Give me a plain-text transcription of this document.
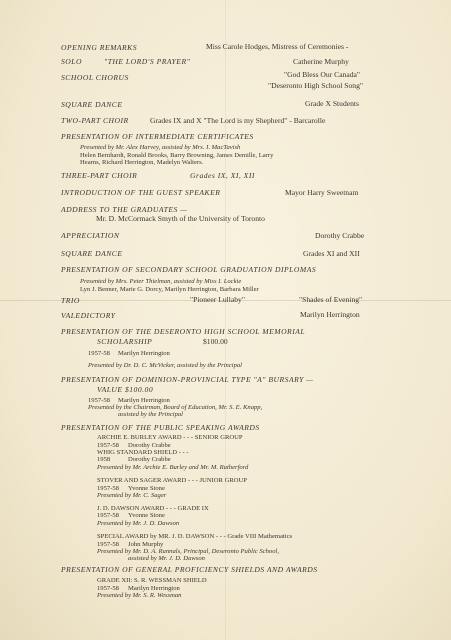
OPENING REMARKS	Miss Carole Hodges, Mistress of Ceremonies -
SOLO	"THE LORD'S PRAYER"	Catherine Murphy
SCHOOL CHORUS	"God Bless Our Canada"
"Deseronto High School Song"
SQUARE DANCE	Grade X Students
TWO-PART CHOIR	Grades IX and X "The Lord is my Shepherd" - Barcarolle
PRESENTATION OF INTERMEDIATE CERTIFICATES
Presented by Mr. Alex Harvey, assisted by Mrs. I. MacTavish
Helen Bernhardt, Ronald Brooks, Barry Browning, James Demille, Larry
Hearns, Richard Herrington, Madelyn Walters.
THREE-PART CHOIR	Grades IX, XI, XII
INTRODUCTION OF THE GUEST SPEAKER	Mayor Harry Sweetnam
ADDRESS TO THE GRADUATES —
Mr. D. McCormack Smyth of the University of Toronto
APPRECIATION	Dorothy Crabbe
SQUARE DANCE	Grades XI and XII
PRESENTATION OF SECONDARY SCHOOL GRADUATION DIPLOMAS
Presented by Mrs. Peter Thielman, assisted by Miss I. Lockie
Lyn J. Benner, Marie G. Dorcy, Marilyn Herrington, Barbara Miller
TRIO	"Pioneer Lullaby"	"Shades of Evening"
VALEDICTORY	Marilyn Herrington
PRESENTATION OF THE DESERONTO HIGH SCHOOL MEMORIAL
SCHOLARSHIP	$100.00
1957-58 Marilyn Herrington
Presented by Dr. D. C. McVicker, assisted by the Principal
PRESENTATION OF DOMINION-PROVINCIAL TYPE "A" BURSARY —
VALUE $100.00
1957-58 Marilyn Herrington
Presented by the Chairman, Board of Education, Mr. S. E. Knapp,
assisted by the Principal
PRESENTATION OF THE PUBLIC SPEAKING AWARDS
ARCHIE E. BURLEY AWARD - - - SENIOR GROUP
1957-58 Dorothy Crabbe
WHIG STANDARD SHIELD - - -
1958	Dorothy Crabbe
Presented by Mr. Archie E. Burley and Mr. M. Rutherford
STOVER AND SAGER AWARD - - - JUNIOR GROUP
1957-58 Yvonne Stone
Presented by Mr. C. Sager
J. D. DAWSON AWARD - - - GRADE IX
1957-58 Yvonne Stone
Presented by Mr. J. D. Dawson
SPECIAL AWARD by MR. J. D. DAWSON - - - Grade VIII Mathematics
1957-58 John Murphy
Presented by Mr. D. A. Runnals, Principal, Deseronto Public School,
assisted by Mr. J. D. Dawson
PRESENTATION OF GENERAL PROFICIENCY SHIELDS AND AWARDS
GRADE XII: S. R. WESSMAN SHIELD
1957-58 Marilyn Herrington
Presented by Mr. S. R. Wessman
